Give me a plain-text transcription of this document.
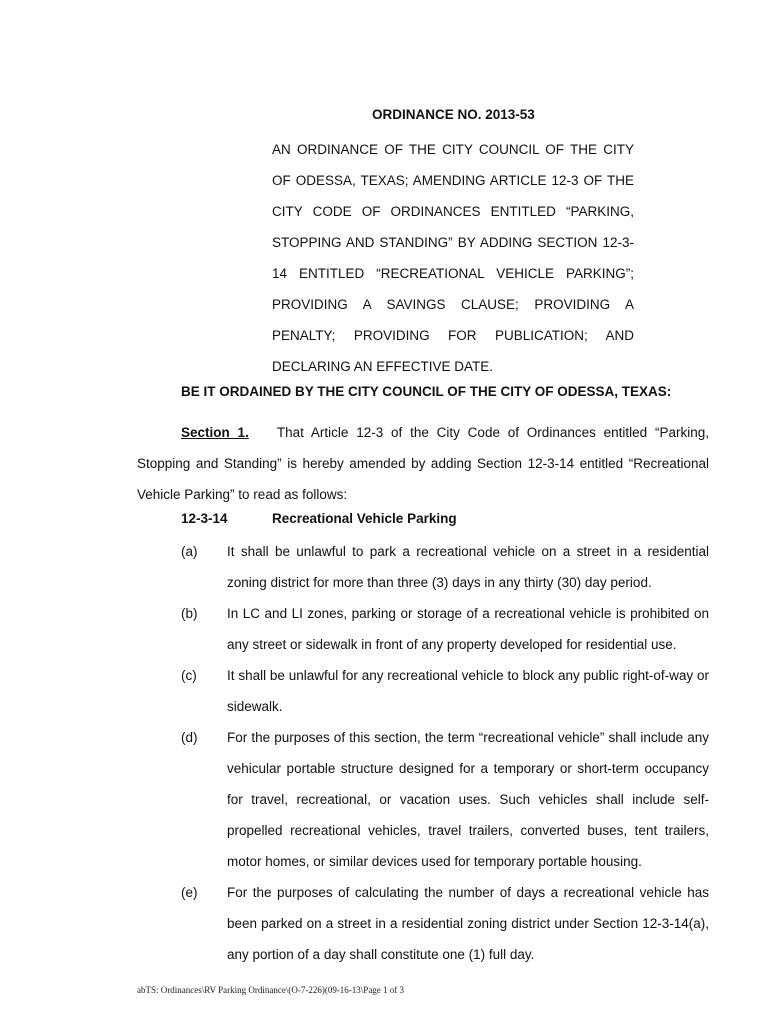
ORDINANCE NO. 2013-53
AN ORDINANCE OF THE CITY COUNCIL OF THE CITY OF ODESSA, TEXAS; AMENDING ARTICLE 12-3 OF THE CITY CODE OF ORDINANCES ENTITLED “PARKING, STOPPING AND STANDING” BY ADDING SECTION 12-3-14 ENTITLED “RECREATIONAL VEHICLE PARKING”; PROVIDING A SAVINGS CLAUSE; PROVIDING A PENALTY; PROVIDING FOR PUBLICATION; AND DECLARING AN EFFECTIVE DATE.
BE IT ORDAINED BY THE CITY COUNCIL OF THE CITY OF ODESSA, TEXAS:
Section 1. That Article 12-3 of the City Code of Ordinances entitled “Parking, Stopping and Standing” is hereby amended by adding Section 12-3-14 entitled “Recreational Vehicle Parking” to read as follows:
12-3-14	Recreational Vehicle Parking
(a) It shall be unlawful to park a recreational vehicle on a street in a residential zoning district for more than three (3) days in any thirty (30) day period.
(b) In LC and LI zones, parking or storage of a recreational vehicle is prohibited on any street or sidewalk in front of any property developed for residential use.
(c) It shall be unlawful for any recreational vehicle to block any public right-of-way or sidewalk.
(d) For the purposes of this section, the term “recreational vehicle” shall include any vehicular portable structure designed for a temporary or short-term occupancy for travel, recreational, or vacation uses. Such vehicles shall include self-propelled recreational vehicles, travel trailers, converted buses, tent trailers, motor homes, or similar devices used for temporary portable housing.
(e) For the purposes of calculating the number of days a recreational vehicle has been parked on a street in a residential zoning district under Section 12-3-14(a), any portion of a day shall constitute one (1) full day.
abTS: Ordinances\RV Parking Ordinance\(O-7-226)(09-16-13\Page 1 of 3
